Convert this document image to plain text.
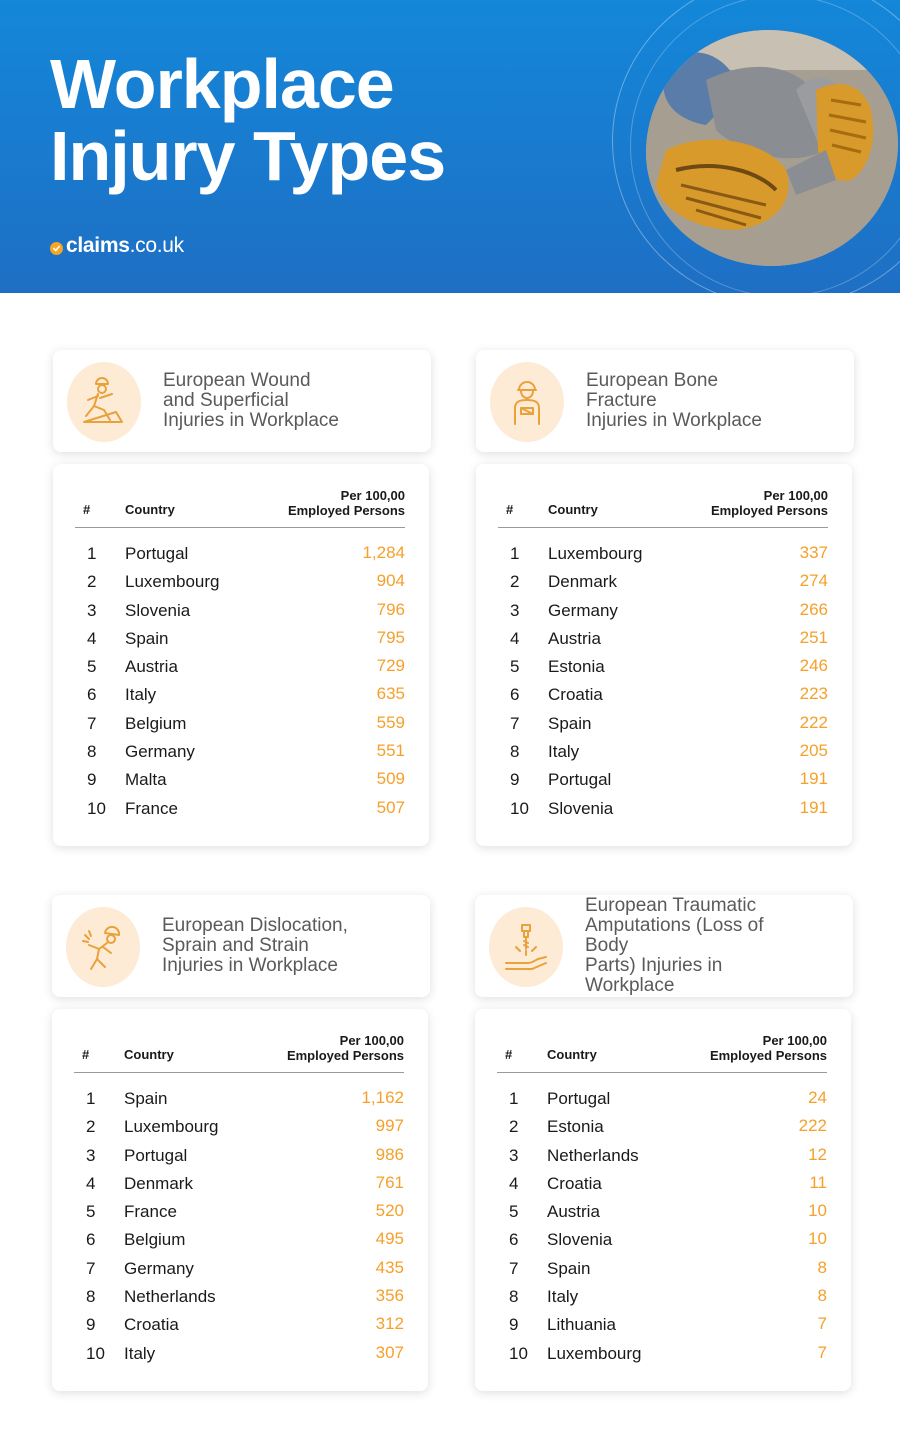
Workplace
Injury Types
claims .co.uk
European Wound
and Superficial
Injuries in Workplace
#	Country
Per 100,00
Employed Persons
1 Portugal	1,284
2 Luxembourg	904
3 Slovenia	796
4 Spain	795
5 Austria	729
6 Italy	635
7 Belgium	559
8 Germany	551
9 Malta	509
10 France	507
European Bone Fracture
Injuries in Workplace
#	Country
Per 100,00
Employed Persons
1 Luxembourg	337
2 Denmark	274
3 Germany	266
4 Austria	251
5 Estonia	246
6 Croatia	223
7 Spain	222
8 Italy	205
9 Portugal	191
10 Slovenia	191
European Dislocation,
Sprain and Strain
Injuries in Workplace
#	Country
Per 100,00
Employed Persons
1 Spain	1,162
2 Luxembourg	997
3 Portugal	986
4 Denmark	761
5 France	520
6 Belgium	495
7 Germany	435
8 Netherlands	356
9 Croatia	312
10 Italy	307
European Traumatic
Amputations (Loss of Body
Parts) Injuries in Workplace
#	Country
Per 100,00
Employed Persons
1 Portugal	24
2 Estonia	222
3 Netherlands	12
4 Croatia	11
5 Austria	10
6 Slovenia	10
7 Spain	8
8 Italy	8
9 Lithuania	7
10 Luxembourg	7
